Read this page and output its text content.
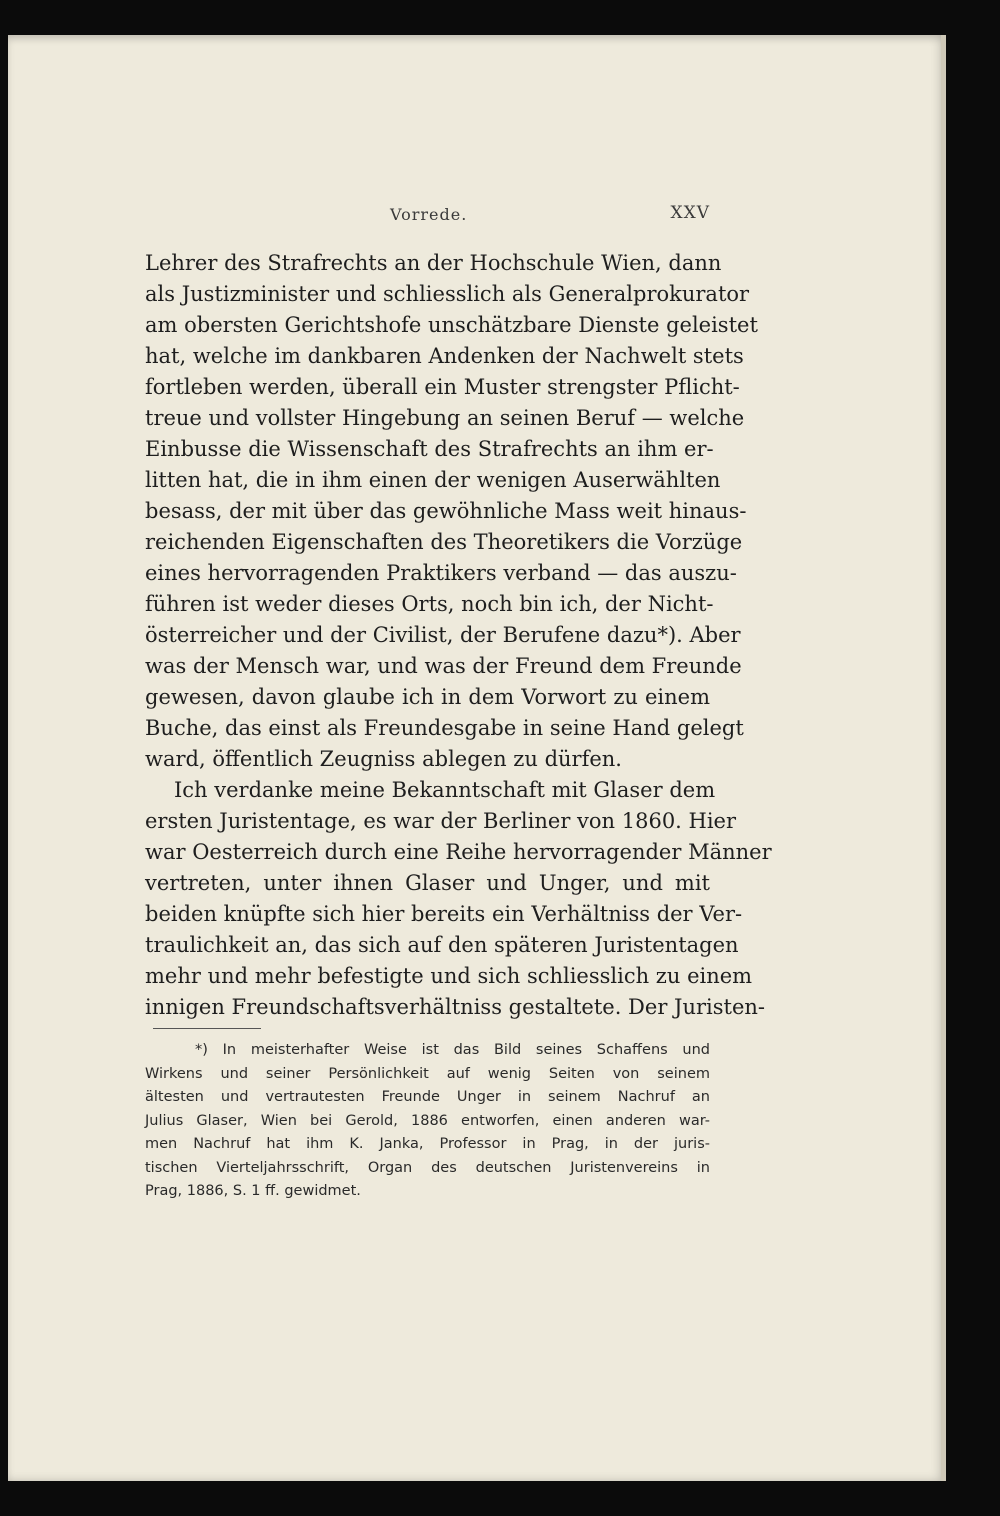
Vorrede.	XXV
Lehrer des Strafrechts an der Hochschule Wien, dann
als Justizminister und schliesslich als Generalprokurator
am obersten Gerichtshofe unschätzbare Dienste geleistet
hat, welche im dankbaren Andenken der Nachwelt stets
fortleben werden, überall ein Muster strengster Pflicht-
treue und vollster Hingebung an seinen Beruf — welche
Einbusse die Wissenschaft des Strafrechts an ihm er-
litten hat, die in ihm einen der wenigen Auserwählten
besass, der mit über das gewöhnliche Mass weit hinaus-
reichenden Eigenschaften des Theoretikers die Vorzüge
eines hervorragenden Praktikers verband — das auszu-
führen ist weder dieses Orts, noch bin ich, der Nicht-
österreicher und der Civilist, der Berufene dazu*). Aber
was der Mensch war, und was der Freund dem Freunde
gewesen, davon glaube ich in dem Vorwort zu einem
Buche, das einst als Freundesgabe in seine Hand gelegt
ward, öffentlich Zeugniss ablegen zu dürfen.
Ich verdanke meine Bekanntschaft mit Glaser dem
ersten Juristentage, es war der Berliner von 1860. Hier
war Oesterreich durch eine Reihe hervorragender Männer
vertreten, unter ihnen Glaser und Unger, und mit
beiden knüpfte sich hier bereits ein Verhältniss der Ver-
traulichkeit an, das sich auf den späteren Juristentagen
mehr und mehr befestigte und sich schliesslich zu einem
innigen Freundschaftsverhältniss gestaltete. Der Juristen-
*) In meisterhafter Weise ist das Bild seines Schaffens und
Wirkens und seiner Persönlichkeit auf wenig Seiten von seinem
ältesten und vertrautesten Freunde Unger in seinem Nachruf an
Julius Glaser, Wien bei Gerold, 1886 entworfen, einen anderen war-
men Nachruf hat ihm K. Janka, Professor in Prag, in der juris-
tischen Vierteljahrsschrift, Organ des deutschen Juristenvereins in
Prag, 1886, S. 1 ff. gewidmet.
